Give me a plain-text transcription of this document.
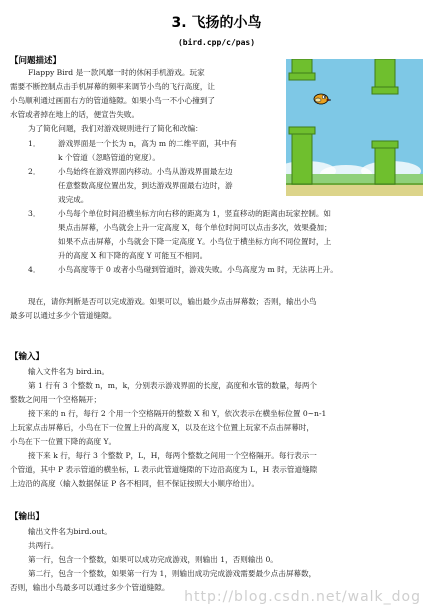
3. 飞扬的小鸟
(bird.cpp/c/pas)
【问题描述】
Flappy Bird 是一款风靡一时的休闲手机游戏。玩家
需要不断控制点击手机屏幕的频率来调节小鸟的飞行高度，让
小鸟顺利通过画面右方的管道缝隙。如果小鸟一不小心撞到了
水管或者掉在地上的话，便宣告失败。
为了简化问题，我们对游戏规则进行了简化和改编：
1． 游戏界面是一个长为 n，高为 m 的二维平面，其中有
k 个管道（忽略管道的宽度）。
2． 小鸟始终在游戏界面内移动。小鸟从游戏界面最左边
任意整数高度位置出发，到达游戏界面最右边时，游
戏完成。
3． 小鸟每个单位时间沿横坐标方向右移的距离为 1，竖直移动的距离由玩家控制。如
果点击屏幕，小鸟就会上升一定高度 X，每个单位时间可以点击多次，效果叠加；
如果不点击屏幕，小鸟就会下降一定高度 Y。小鸟位于横坐标方向不同位置时，上
升的高度 X 和下降的高度 Y 可能互不相同。
4． 小鸟高度等于 0 或者小鸟碰到管道时，游戏失败。小鸟高度为 m 时，无法再上升。
现在，请你判断是否可以完成游戏。如果可以，输出最少点击屏幕数；否则，输出小鸟
最多可以通过多少个管道缝隙。
【输入】
输入文件名为 bird.in。
第 1 行有 3 个整数 n，m，k，分别表示游戏界面的长度，高度和水管的数量，每两个
整数之间用一个空格隔开；
接下来的 n 行，每行 2 个用一个空格隔开的整数 X 和 Y，依次表示在横坐标位置 0~n-1
上玩家点击屏幕后，小鸟在下一位置上升的高度 X，以及在这个位置上玩家不点击屏幕时，
小鸟在下一位置下降的高度 Y。
接下来 k 行，每行 3 个整数 P，L，H，每两个整数之间用一个空格隔开。每行表示一
个管道，其中 P 表示管道的横坐标，L 表示此管道缝隙的下边沿高度为 L，H 表示管道缝隙
上边沿的高度（输入数据保证 P 各不相同，但不保证按照大小顺序给出）。
【输出】
输出文件名为bird.out。
共两行。
第一行，包含一个整数，如果可以成功完成游戏，则输出 1，否则输出 0。
第二行，包含一个整数，如果第一行为 1，则输出成功完成游戏需要最少点击屏幕数，
否则，输出小鸟最多可以通过多少个管道缝隙。
http://blog.csdn.net/walk_dog
